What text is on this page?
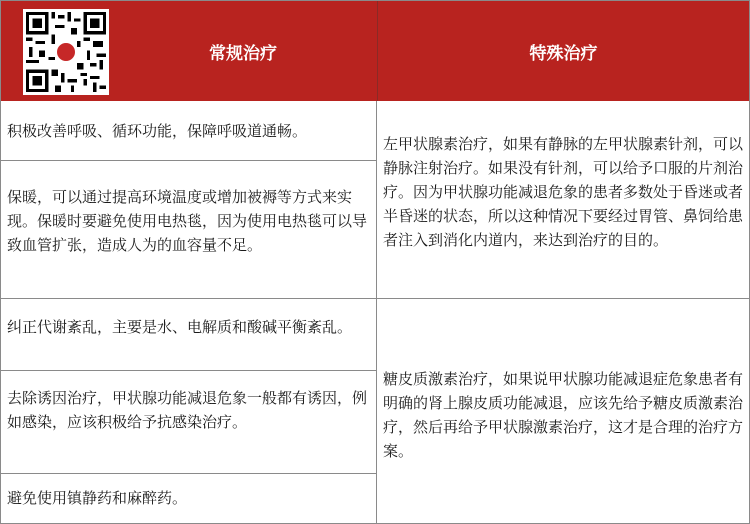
常规治疗	特殊治疗
积极改善呼吸、循环功能，保障呼吸道通畅。
保暖，可以通过提高环境温度或增加被褥等方式来实现。保暖时要避免使用电热毯，因为使用电热毯可以导致血管扩张，造成人为的血容量不足。
纠正代谢紊乱，主要是水、电解质和酸碱平衡紊乱。
去除诱因治疗，甲状腺功能减退危象一般都有诱因，例如感染，应该积极给予抗感染治疗。
避免使用镇静药和麻醉药。
左甲状腺素治疗，如果有静脉的左甲状腺素针剂，可以静脉注射治疗。如果没有针剂，可以给予口服的片剂治疗。因为甲状腺功能减退危象的患者多数处于昏迷或者半昏迷的状态，所以这种情况下要经过胃管、鼻饲给患者注入到消化内道内，来达到治疗的目的。
糖皮质激素治疗，如果说甲状腺功能减退症危象患者有明确的肾上腺皮质功能减退，应该先给予糖皮质激素治疗，然后再给予甲状腺激素治疗，这才是合理的治疗方案。
